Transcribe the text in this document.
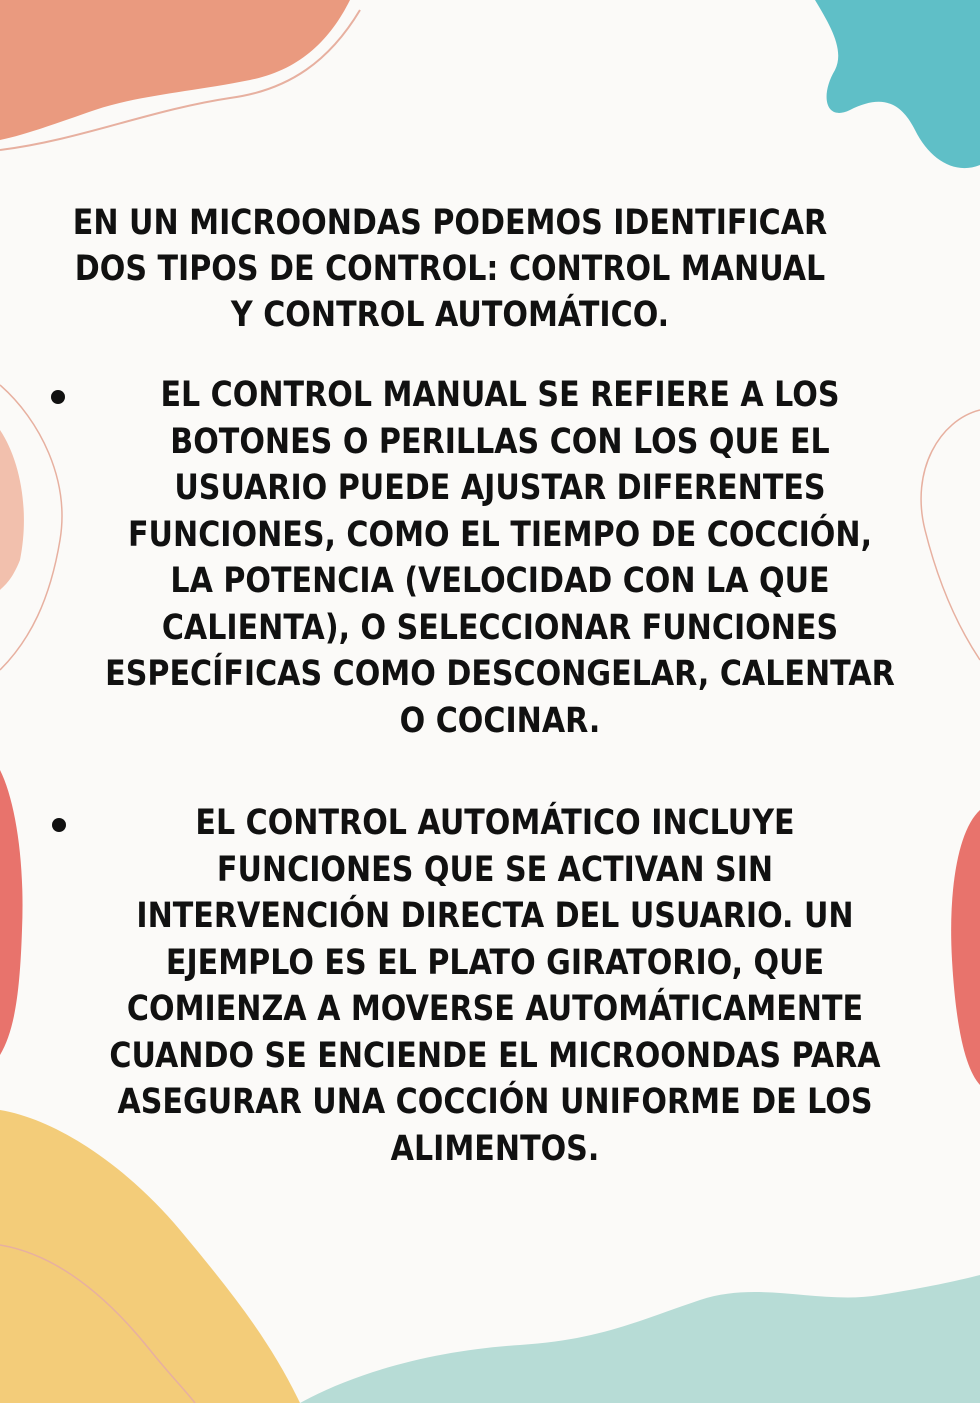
EN UN MICROONDAS PODEMOS IDENTIFICAR DOS TIPOS DE CONTROL: CONTROL MANUAL Y CONTROL AUTOMÁTICO.
EL CONTROL MANUAL SE REFIERE A LOS BOTONES O PERILLAS CON LOS QUE EL USUARIO PUEDE AJUSTAR DIFERENTES FUNCIONES, COMO EL TIEMPO DE COCCIÓN, LA POTENCIA (VELOCIDAD CON LA QUE CALIENTA), O SELECCIONAR FUNCIONES ESPECÍFICAS COMO DESCONGELAR, CALENTAR O COCINAR.
EL CONTROL AUTOMÁTICO INCLUYE FUNCIONES QUE SE ACTIVAN SIN INTERVENCIÓN DIRECTA DEL USUARIO. UN EJEMPLO ES EL PLATO GIRATORIO, QUE COMIENZA A MOVERSE AUTOMÁTICAMENTE CUANDO SE ENCIENDE EL MICROONDAS PARA ASEGURAR UNA COCCIÓN UNIFORME DE LOS ALIMENTOS.
